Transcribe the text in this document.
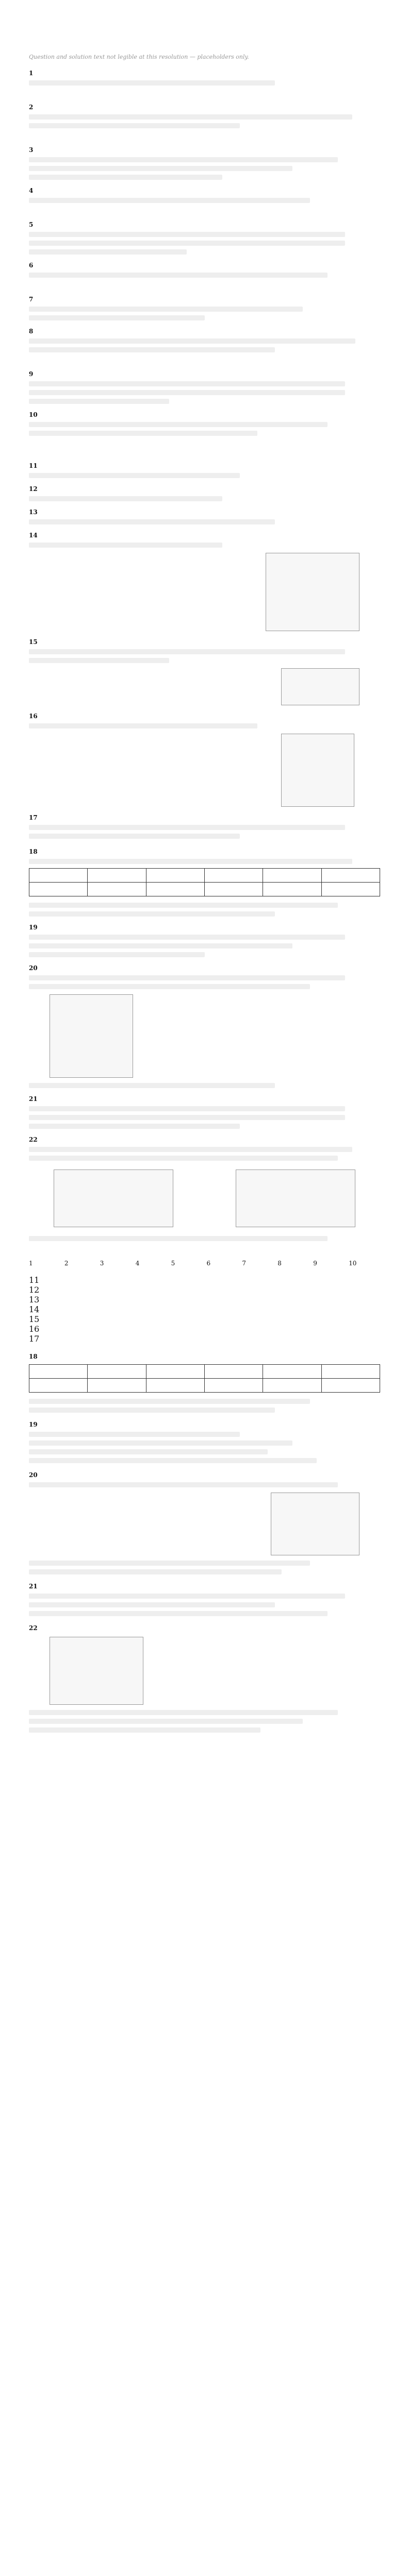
Question and solution text not legible at this resolution — placeholders only.
1
2
3
4
5
6
7
8
9
10
11
12
13
14
15
16
17
18

19
20
21
22
1	2	3	4	5	6	7	8	9	10
11
12
13
14
15
16
17
18

19
20
21
22
